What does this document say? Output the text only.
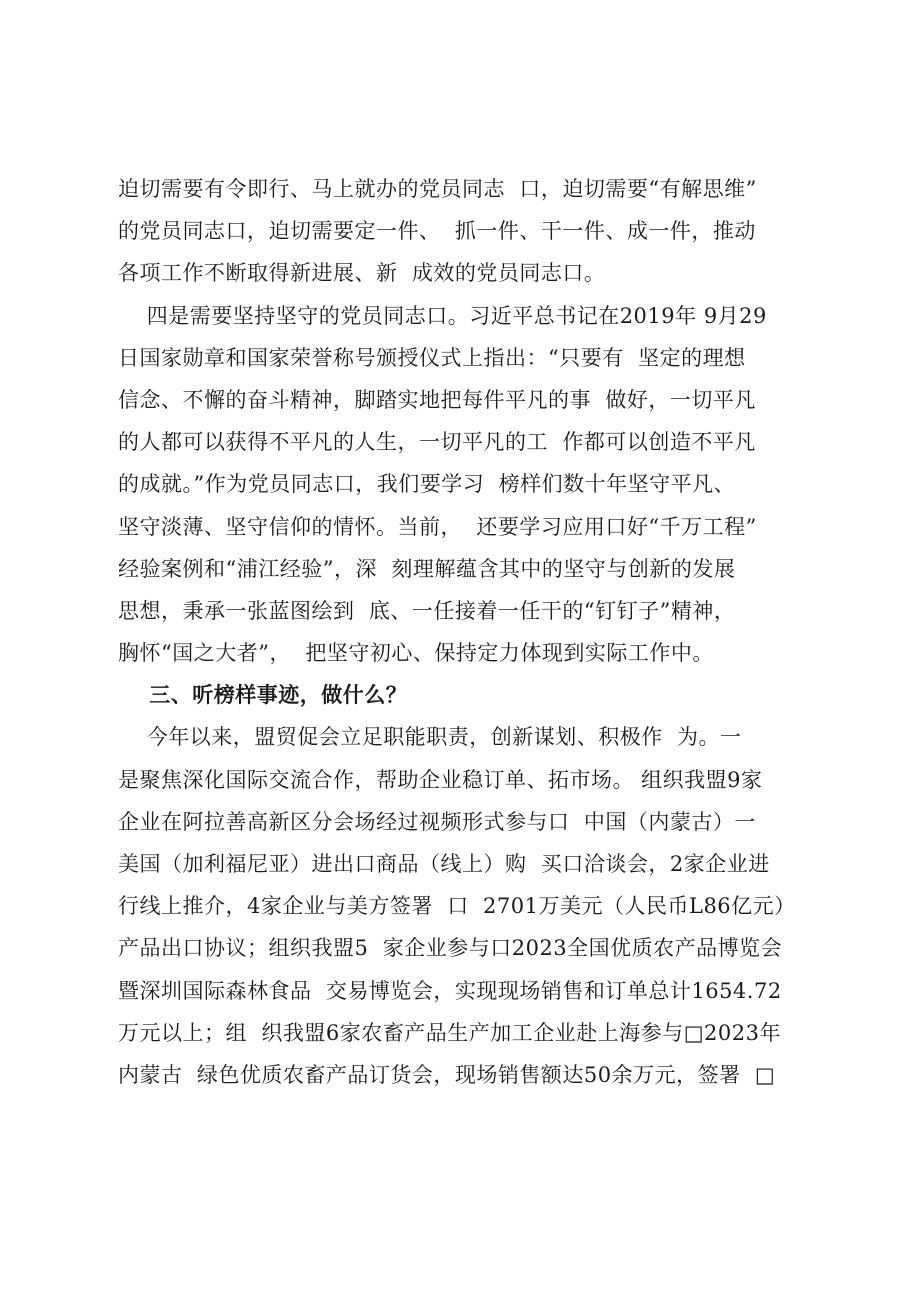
迫切需要有令即行、马上就办的党员同志  口，迫切需要“有解思维”
的党员同志口，迫切需要定一件、  抓一件、干一件、成一件，推动
各项工作不断取得新进展、新  成效的党员同志口。
四是需要坚持坚守的党员同志口。习近平总书记在2019年 9月29
日国家勋章和国家荣誉称号颁授仪式上指出：“只要有  坚定的理想
信念、不懈的奋斗精神，脚踏实地把每件平凡的事  做好，一切平凡
的人都可以获得不平凡的人生，一切平凡的工  作都可以创造不平凡
的成就。”作为党员同志口，我们要学习  榜样们数十年坚守平凡、
坚守淡薄、坚守信仰的情怀。当前，  还要学习应用口好“千万工程”
经验案例和“浦江经验”，深  刻理解蕴含其中的坚守与创新的发展
思想，秉承一张蓝图绘到  底、一任接着一任干的“钉钉子”精神，
胸怀“国之大者”，  把坚守初心、保持定力体现到实际工作中。
三、听榜样事迹，做什么？
今年以来，盟贸促会立足职能职责，创新谋划、积极作  为。一
是聚焦深化国际交流合作，帮助企业稳订单、拓市场。 组织我盟9家
企业在阿拉善高新区分会场经过视频形式参与口  中国（内蒙古）一
美国（加利福尼亚）进出口商品（线上）购  买口洽谈会，2家企业进
行线上推介，4家企业与美方签署  口  2701万美元（人民币L86亿元）
产品出口协议；组织我盟5  家企业参与口2023全国优质农产品博览会
暨深圳国际森林食品  交易博览会，实现现场销售和订单总计1654.72
万元以上；组  织我盟6家农畜产品生产加工企业赴上海参与□2023年
内蒙古  绿色优质农畜产品订货会，现场销售额达50余万元，签署  □
